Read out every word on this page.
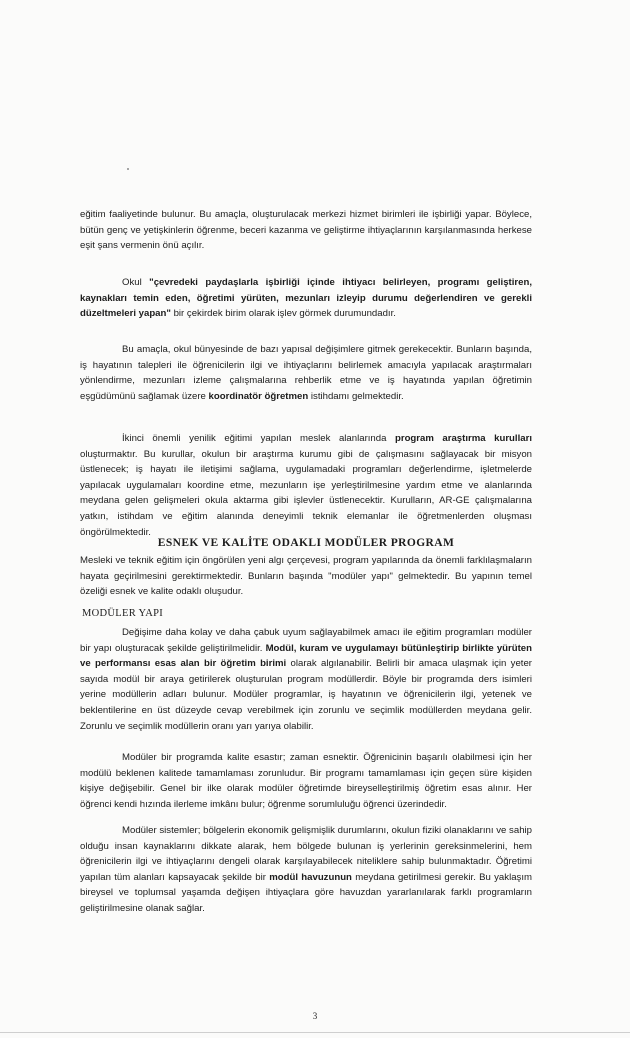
eğitim faaliyetinde bulunur. Bu amaçla, oluşturulacak merkezi hizmet birimleri ile işbirliği yapar. Böylece, bütün genç ve yetişkinlerin öğrenme, beceri kazanma ve geliştirme ihtiyaçlarının karşılanmasında herkese eşit şans vermenin önü açılır.

Okul "çevredeki paydaşlarla işbirliği içinde ihtiyacı belirleyen, programı geliştiren, kaynakları temin eden, öğretimi yürüten, mezunları izleyip durumu değerlendiren ve gerekli düzeltmeleri yapan" bir çekirdek birim olarak işlev görmek durumundadır.

Bu amaçla, okul bünyesinde de bazı yapısal değişimlere gitmek gerekecektir. Bunların başında, iş hayatının talepleri ile öğrenicilerin ilgi ve ihtiyaçlarını belirlemek amacıyla yapılacak araştırmaları yönlendirme, mezunları izleme çalışmalarına rehberlik etme ve iş hayatında yapılan öğretimin eşgüdümünü sağlamak üzere koordinatör öğretmen istihdamı gelmektedir.

İkinci önemli yenilik eğitimi yapılan meslek alanlarında program araştırma kurulları oluşturmaktır. Bu kurullar, okulun bir araştırma kurumu gibi de çalışmasını sağlayacak bir misyon üstlenecek; iş hayatı ile iletişimi sağlama, uygulamadaki programları değerlendirme, işletmelerde yapılacak uygulamaları koordine etme, mezunların işe yerleştirilmesine yardım etme ve alanlarında meydana gelen gelişmeleri okula aktarma gibi işlevler üstlenecektir. Kurulların, AR-GE çalışmalarına yatkın, istihdam ve eğitim alanında deneyimli teknik elemanlar ile öğretmenlerden oluşması öngörülmektedir.

ESNEK VE KALİTE ODAKLI MODÜLER PROGRAM

Mesleki ve teknik eğitim için öngörülen yeni algı çerçevesi, program yapılarında da önemli farklılaşmaların hayata geçirilmesini gerektirmektedir. Bunların başında "modüler yapı" gelmektedir. Bu yapının temel özeliği esnek ve kalite odaklı oluşudur.

MODÜLER YAPI

Değişime daha kolay ve daha çabuk uyum sağlayabilmek amacı ile eğitim programları modüler bir yapı oluşturacak şekilde geliştirilmelidir. Modül, kuram ve uygulamayı bütünleştirip birlikte yürüten ve performansı esas alan bir öğretim birimi olarak algılanabilir. Belirli bir amaca ulaşmak için yeter sayıda modül bir araya getirilerek oluşturulan program modüllerdir. Böyle bir programda ders isimleri yerine modüllerin adları bulunur. Modüler programlar, iş hayatının ve öğrenicilerin ilgi, yetenek ve beklentilerine en üst düzeyde cevap verebilmek için zorunlu ve seçimlik modüllerden meydana gelir. Zorunlu ve seçimlik modüllerin oranı yarı yarıya olabilir.

Modüler bir programda kalite esastır; zaman esnektir. Öğrenicinin başarılı olabilmesi için her modülü beklenen kalitede tamamlaması zorunludur. Bir programı tamamlaması için geçen süre kişiden kişiye değişebilir. Genel bir ilke olarak modüler öğretimde bireyselleştirilmiş öğretim esas alınır. Her öğrenci kendi hızında ilerleme imkânı bulur; öğrenme sorumluluğu öğrenci üzerindedir.

Modüler sistemler; bölgelerin ekonomik gelişmişlik durumlarını, okulun fiziki olanaklarını ve sahip olduğu insan kaynaklarını dikkate alarak, hem bölgede bulunan iş yerlerinin gereksinmelerini, hem öğrenicilerin ilgi ve ihtiyaçlarını dengeli olarak karşılayabilecek niteliklere sahip bulunmaktadır. Öğretimi yapılan tüm alanları kapsayacak şekilde bir modül havuzunun meydana getirilmesi gerekir. Bu yaklaşım bireysel ve toplumsal yaşamda değişen ihtiyaçlara göre havuzdan yararlanılarak farklı programların geliştirilmesine olanak sağlar.

3
